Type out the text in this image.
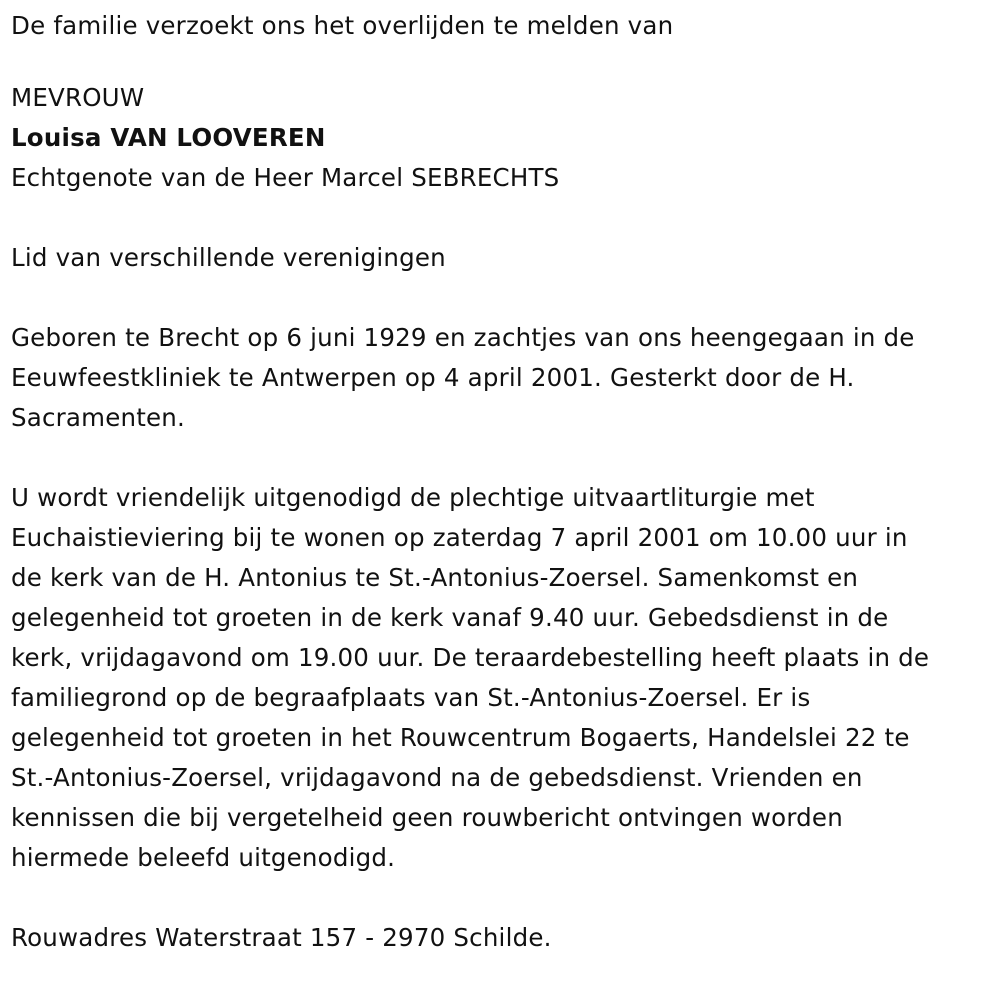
De familie verzoekt ons het overlijden te melden van
MEVROUW
Louisa VAN LOOVEREN
Echtgenote van de Heer Marcel SEBRECHTS
Lid van verschillende verenigingen
Geboren te Brecht op 6 juni 1929 en zachtjes van ons heengegaan in de
Eeuwfeestkliniek te Antwerpen op 4 april 2001. Gesterkt door de H.
Sacramenten.
U wordt vriendelijk uitgenodigd de plechtige uitvaartliturgie met
Euchaistieviering bij te wonen op zaterdag 7 april 2001 om 10.00 uur in
de kerk van de H. Antonius te St.-Antonius-Zoersel. Samenkomst en
gelegenheid tot groeten in de kerk vanaf 9.40 uur. Gebedsdienst in de
kerk, vrijdagavond om 19.00 uur. De teraardebestelling heeft plaats in de
familiegrond op de begraafplaats van St.-Antonius-Zoersel. Er is
gelegenheid tot groeten in het Rouwcentrum Bogaerts, Handelslei 22 te
St.-Antonius-Zoersel, vrijdagavond na de gebedsdienst. Vrienden en
kennissen die bij vergetelheid geen rouwbericht ontvingen worden
hiermede beleefd uitgenodigd.
Rouwadres Waterstraat 157 - 2970 Schilde.
